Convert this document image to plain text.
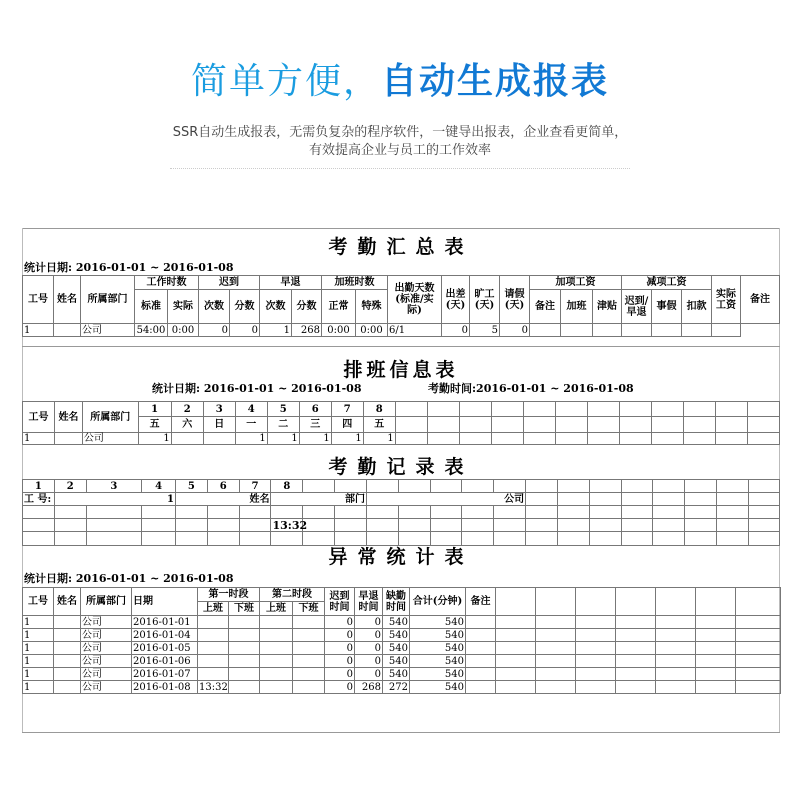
简单方便，自动生成报表
SSR自动生成报表，无需负复杂的程序软件，一键导出报表，企业查看更简单，
有效提高企业与员工的工作效率
考勤汇总表
统计日期: 2016-01-01 ~ 2016-01-08
工号	姓名	所属部门	工作时数		迟到		早退		加班时数		出勤天数(标准/实际)	出差(天)	旷工(天)	请假(天)	加项工资			减项工资			实际工资	备注
			标准	实际	次数	分数	次数	分数	正常	特殊					备注	加班	津贴	迟到/早退	事假	扣款		
1		公司	54:00	0:00	0	0	1	268	0:00	0:00	6/1	0	5	0								
排班信息表
统计日期: 2016-01-01 ~ 2016-01-08	考勤时间:2016-01-01 ~ 2016-01-08
工号	姓名	所属部门	1	2	3	4	5	6	7	8												
			五	六	日	一	二	三	四	五												
1		公司	1			1	1	1	1	1												
考勤记录表
1	2	3	4	5	6	7	8															
工 号:	1			姓名			部门			公司												

							13:32															

异常统计表
统计日期: 2016-01-01 ~ 2016-01-08
工号	姓名	所属部门	日期	第一时段		第二时段		迟到时间	早退时间	缺勤时间	合计(分钟)	备注							
				上班	下班	上班	下班												
1		公司	2016-01-01					0	0	540	540								
1		公司	2016-01-04					0	0	540	540								
1		公司	2016-01-05					0	0	540	540								
1		公司	2016-01-06					0	0	540	540								
1		公司	2016-01-07					0	0	540	540								
1		公司	2016-01-08	13:32				0	268	272	540								
